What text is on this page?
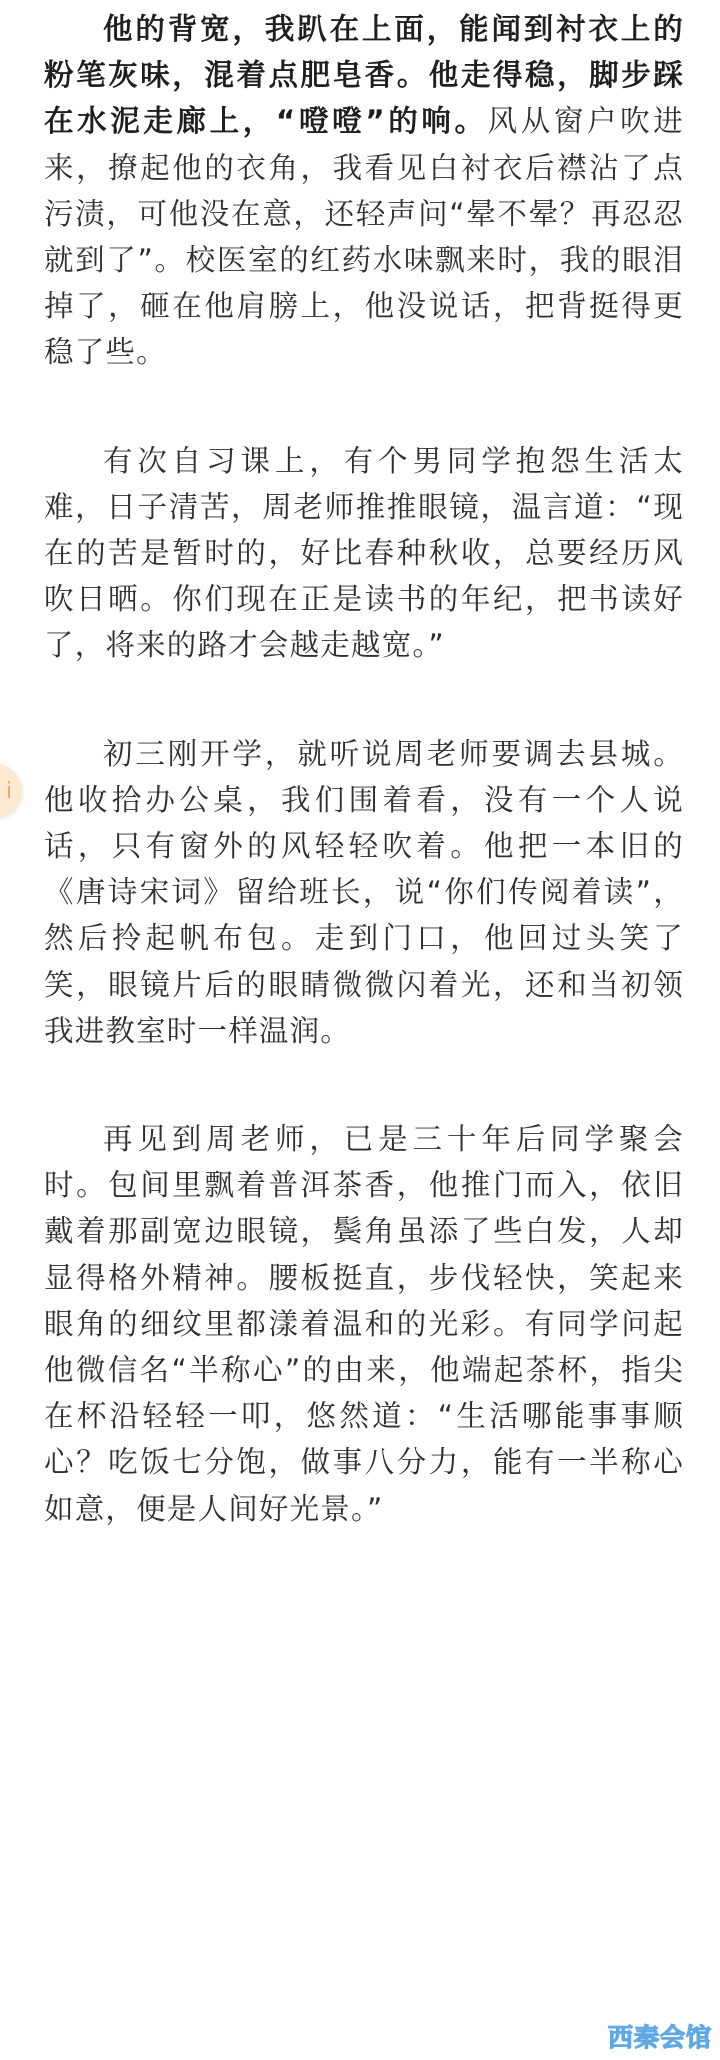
他的背宽，我趴在上面，能闻到衬衣上的粉笔灰味，混着点肥皂香。他走得稳，脚步踩在水泥走廊上，“噔噔”的响。风从窗户吹进来，撩起他的衣角，我看见白衬衣后襟沾了点污渍，可他没在意，还轻声问“晕不晕？再忍忍就到了”。校医室的红药水味飘来时，我的眼泪掉了，砸在他肩膀上，他没说话，把背挺得更稳了些。

有次自习课上，有个男同学抱怨生活太难，日子清苦，周老师推推眼镜，温言道：“现在的苦是暂时的，好比春种秋收，总要经历风吹日晒。你们现在正是读书的年纪，把书读好了，将来的路才会越走越宽。”

初三刚开学，就听说周老师要调去县城。他收拾办公桌，我们围着看，没有一个人说话，只有窗外的风轻轻吹着。他把一本旧的《唐诗宋词》留给班长，说“你们传阅着读”，然后拎起帆布包。走到门口，他回过头笑了笑，眼镜片后的眼睛微微闪着光，还和当初领我进教室时一样温润。

再见到周老师，已是三十年后同学聚会时。包间里飘着普洱茶香，他推门而入，依旧戴着那副宽边眼镜，鬓角虽添了些白发，人却显得格外精神。腰板挺直，步伐轻快，笑起来眼角的细纹里都漾着温和的光彩。有同学问起他微信名“半称心”的由来，他端起茶杯，指尖在杯沿轻轻一叩，悠然道：“生活哪能事事顺心？吃饭七分饱，做事八分力，能有一半称心如意，便是人间好光景。”

і
西秦会馆
